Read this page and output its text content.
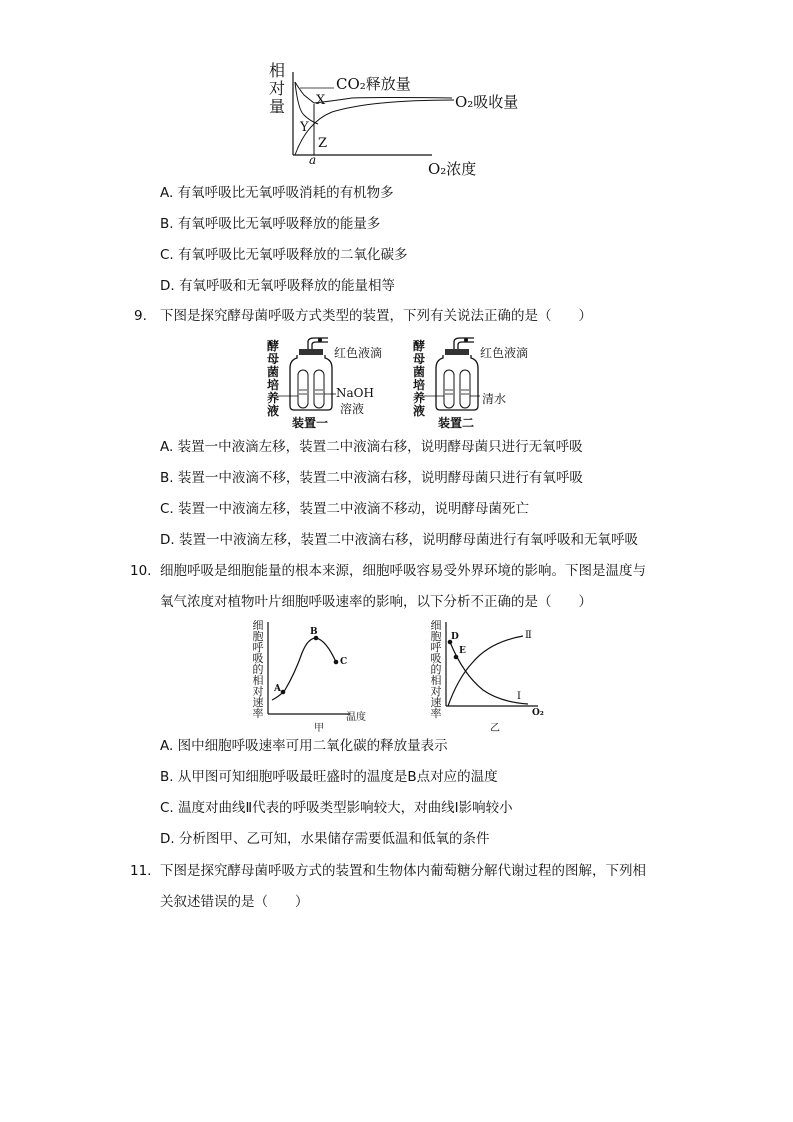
相
对
量
CO₂释放量
O₂吸收量
X
Y
Z
a	O₂浓度
A. 有氧呼吸比无氧呼吸消耗的有机物多
B. 有氧呼吸比无氧呼吸释放的能量多
C. 有氧呼吸比无氧呼吸释放的二氧化碳多
D. 有氧呼吸和无氧呼吸释放的能量相等
9. 下图是探究酵母菌呼吸方式类型的装置，下列有关说法正确的是（　　）
酵
母
菌
培
养
液
红色液滴
NaOH
溶液
装置一
酵
母
菌
培
养
液
红色液滴
清水
装置二
A. 装置一中液滴左移，装置二中液滴右移，说明酵母菌只进行无氧呼吸
B. 装置一中液滴不移，装置二中液滴右移，说明酵母菌只进行有氧呼吸
C. 装置一中液滴左移，装置二中液滴不移动，说明酵母菌死亡
D. 装置一中液滴左移，装置二中液滴右移，说明酵母菌进行有氧呼吸和无氧呼吸
10. 细胞呼吸是细胞能量的根本来源，细胞呼吸容易受外界环境的影响。下图是温度与
氧气浓度对植物叶片细胞呼吸速率的影响，以下分析不正确的是（　　）
细
胞
呼
吸
的
相
对
速
率
A
B
C
温度
甲
细
胞
呼
吸
的
相
对
速
率
D
E
Ⅱ
Ⅰ
O₂
乙
A. 图中细胞呼吸速率可用二氧化碳的释放量表示
B. 从甲图可知细胞呼吸最旺盛时的温度是B点对应的温度
C. 温度对曲线Ⅱ代表的呼吸类型影响较大，对曲线Ⅰ影响较小
D. 分析图甲、乙可知，水果储存需要低温和低氧的条件
11. 下图是探究酵母菌呼吸方式的装置和生物体内葡萄糖分解代谢过程的图解，下列相
关叙述错误的是（　　）
